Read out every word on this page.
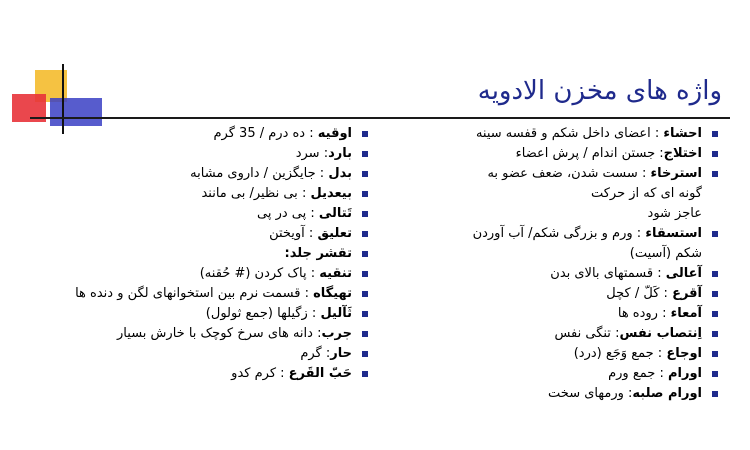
واژه های مخزن الادویه
احشاء : اعضای داخل شکم و قفسه سینه
اختلاج: جستن اندام / پرش اعضاء
استرخاء : سست شدن، ضعف عضو به
گونه ای که از حرکت
عاجز شود
استسقاء : ورم و بزرگی شکم/ آب آوردن
شکم (آسیت)
آعالی : قسمتهای بالای بدن
آقرع : کَلّ / کچل
آمعاء : روده ها
اِنتصاب نفس: تنگی نفس
اوجاع : جمع وَجَع (درد)
اورام : جمع ورم
اورام صلبه: ورمهای سخت
اوقیه : ده درم / 35 گرم
بارد: سرد
بدل : جایگزین / داروی مشابه
بیعدیل : بی نظیر/ بی مانند
تَتالی : پی در پی
تعلیق : آویختن
تقشر جلد:
تنقیه : پاک کردن (# حُقنه)
تهیگاه : قسمت نرم بین استخوانهای لگن و دنده ها
ثَآلیل : زگیلها (جمع ثولول)
جرب: دانه های سرخ کوچک با خارش بسیار
حار: گرم
حَبّ القَرع : کرم کدو
